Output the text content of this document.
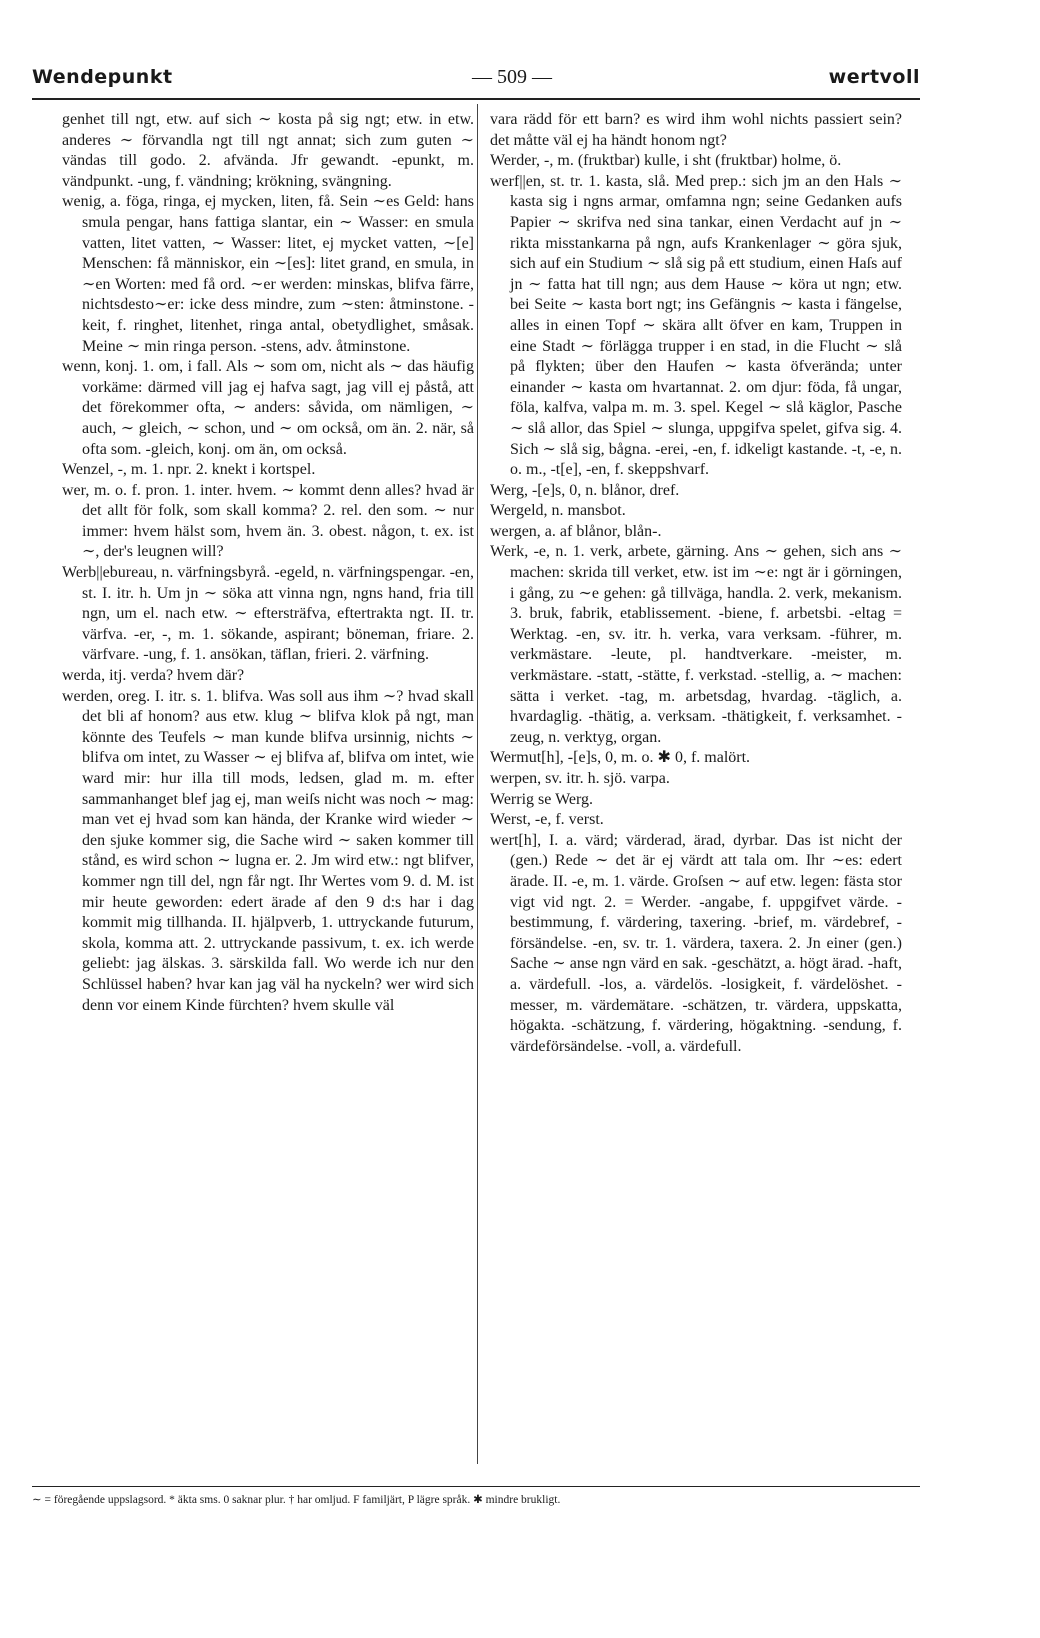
Wendepunkt	— 509 —	wertvoll

genhet till ngt, etw. auf sich ∼ kosta på sig ngt; etw. in etw. anderes ∼ förvandla ngt till ngt annat; sich zum guten ∼ vändas till godo. 2. afvända. Jfr gewandt. -epunkt, m. vändpunkt. -ung, f. vändning; krökning, svängning.

wenig, a. föga, ringa, ej mycken, liten, få. Sein ∼es Geld: hans smula pengar, hans fattiga slantar, ein ∼ Wasser: en smula vatten, litet vatten, ∼ Wasser: litet, ej mycket vatten, ∼[e] Menschen: få människor, ein ∼[es]: litet grand, en smula, in ∼en Worten: med få ord. ∼er werden: minskas, blifva färre, nichtsdesto∼er: icke dess mindre, zum ∼sten: åtminstone. -keit, f. ringhet, litenhet, ringa antal, obetydlighet, småsak. Meine ∼ min ringa person. -stens, adv. åtminstone.

wenn, konj. 1. om, i fall. Als ∼ som om, nicht als ∼ das häufig vorkäme: därmed vill jag ej hafva sagt, jag vill ej påstå, att det förekommer ofta, ∼ anders: såvida, om nämligen, ∼ auch, ∼ gleich, ∼ schon, und ∼ om också, om än. 2. när, så ofta som. -gleich, konj. om än, om också.

Wenzel, -, m. 1. npr. 2. knekt i kortspel.

wer, m. o. f. pron. 1. inter. hvem. ∼ kommt denn alles? hvad är det allt för folk, som skall komma? 2. rel. den som. ∼ nur immer: hvem hälst som, hvem än. 3. obest. någon, t. ex. ist ∼, der's leugnen will?

Werb||ebureau, n. värfningsbyrå. -egeld, n. värfningspengar. -en, st. I. itr. h. Um jn ∼ söka att vinna ngn, ngns hand, fria till ngn, um el. nach etw. ∼ eftersträfva, eftertrakta ngt. II. tr. värfva. -er, -, m. 1. sökande, aspirant; böneman, friare. 2. värfvare. -ung, f. 1. ansökan, täflan, frieri. 2. värfning.

werda, itj. verda? hvem där?

werden, oreg. I. itr. s. 1. blifva. Was soll aus ihm ∼? hvad skall det bli af honom? aus etw. klug ∼ blifva klok på ngt, man könnte des Teufels ∼ man kunde blifva ursinnig, nichts ∼ blifva om intet, zu Wasser ∼ ej blifva af, blifva om intet, wie ward mir: hur illa till mods, ledsen, glad m. m. efter sammanhanget blef jag ej, man weiſs nicht was noch ∼ mag: man vet ej hvad som kan hända, der Kranke wird wieder ∼ den sjuke kommer sig, die Sache wird ∼ saken kommer till stånd, es wird schon ∼ lugna er. 2. Jm wird etw.: ngt blifver, kommer ngn till del, ngn får ngt. Ihr Wertes vom 9. d. M. ist mir heute geworden: edert ärade af den 9 d:s har i dag kommit mig tillhanda. II. hjälpverb, 1. uttryckande futurum, skola, komma att. 2. uttryckande passivum, t. ex. ich werde geliebt: jag älskas. 3. särskilda fall. Wo werde ich nur den Schlüssel haben? hvar kan jag väl ha nyckeln? wer wird sich denn vor einem Kinde fürchten? hvem skulle väl

vara rädd för ett barn? es wird ihm wohl nichts passiert sein? det måtte väl ej ha händt honom ngt?

Werder, -, m. (fruktbar) kulle, i sht (fruktbar) holme, ö.

werf||en, st. tr. 1. kasta, slå. Med prep.: sich jm an den Hals ∼ kasta sig i ngns armar, omfamna ngn; seine Gedanken aufs Papier ∼ skrifva ned sina tankar, einen Verdacht auf jn ∼ rikta misstankarna på ngn, aufs Krankenlager ∼ göra sjuk, sich auf ein Studium ∼ slå sig på ett studium, einen Haſs auf jn ∼ fatta hat till ngn; aus dem Hause ∼ köra ut ngn; etw. bei Seite ∼ kasta bort ngt; ins Gefängnis ∼ kasta i fängelse, alles in einen Topf ∼ skära allt öfver en kam, Truppen in eine Stadt ∼ förlägga trupper i en stad, in die Flucht ∼ slå på flykten; über den Haufen ∼ kasta öfverända; unter einander ∼ kasta om hvartannat. 2. om djur: föda, få ungar, föla, kalfva, valpa m. m. 3. spel. Kegel ∼ slå käglor, Pasche ∼ slå allor, das Spiel ∼ slunga, uppgifva spelet, gifva sig. 4. Sich ∼ slå sig, bågna. -erei, -en, f. idkeligt kastande. -t, -e, n. o. m., -t[e], -en, f. skeppshvarf.

Werg, -[e]s, 0, n. blånor, dref.

Wergeld, n. mansbot.

wergen, a. af blånor, blån-.

Werk, -e, n. 1. verk, arbete, gärning. Ans ∼ gehen, sich ans ∼ machen: skrida till verket, etw. ist im ∼e: ngt är i görningen, i gång, zu ∼e gehen: gå tillväga, handla. 2. verk, mekanism. 3. bruk, fabrik, etablissement. -biene, f. arbetsbi. -eltag = Werktag. -en, sv. itr. h. verka, vara verksam. -führer, m. verkmästare. -leute, pl. handtverkare. -meister, m. verkmästare. -statt, -stätte, f. verkstad. -stellig, a. ∼ machen: sätta i verket. -tag, m. arbetsdag, hvardag. -täglich, a. hvardaglig. -thätig, a. verksam. -thätigkeit, f. verksamhet. -zeug, n. verktyg, organ.

Wermut[h], -[e]s, 0, m. o. ✱ 0, f. malört.

werpen, sv. itr. h. sjö. varpa.

Werrig se Werg.

Werst, -e, f. verst.

wert[h], I. a. värd; värderad, ärad, dyrbar. Das ist nicht der (gen.) Rede ∼ det är ej värdt att tala om. Ihr ∼es: edert ärade. II. -e, m. 1. värde. Groſsen ∼ auf etw. legen: fästa stor vigt vid ngt. 2. = Werder. -angabe, f. uppgifvet värde. -bestimmung, f. värdering, taxering. -brief, m. värdebref, -försändelse. -en, sv. tr. 1. värdera, taxera. 2. Jn einer (gen.) Sache ∼ anse ngn värd en sak. -geschätzt, a. högt ärad. -haft, a. värdefull. -los, a. värdelös. -losigkeit, f. värdelöshet. -messer, m. värdemätare. -schätzen, tr. värdera, uppskatta, högakta. -schätzung, f. värdering, högaktning. -sendung, f. värdeförsändelse. -voll, a. värdefull.

∼ = föregående uppslagsord. * äkta sms. 0 saknar plur. † har omljud. F familjärt, P lägre språk. ✱ mindre brukligt.
